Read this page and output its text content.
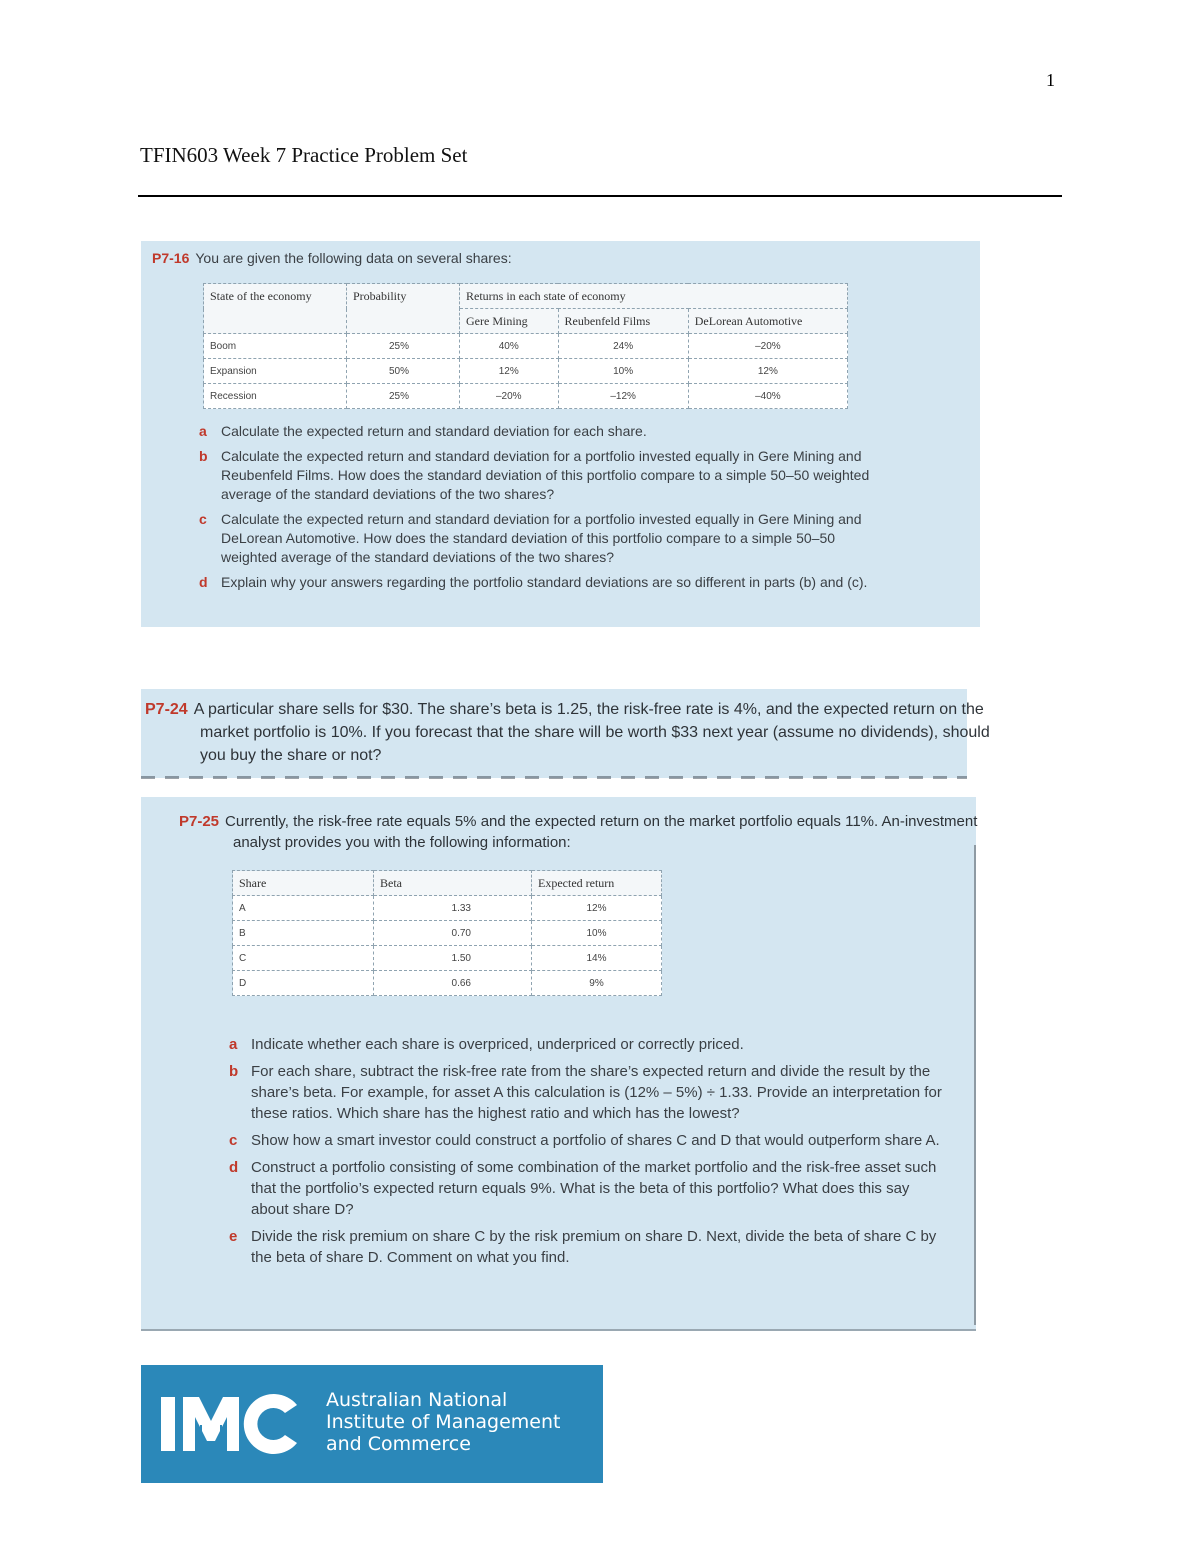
1
TFIN603 Week 7 Practice Problem Set
P7-16 You are given the following data on several shares:
State of the economy	Probability	Returns in each state of economy		
		Gere Mining	Reubenfeld Films	DeLorean Automotive
Boom	25%	40%	24%	–20%
Expansion	50%	12%	10%	12%
Recession	25%	–20%	–12%	–40%
a Calculate the expected return and standard deviation for each share.
b Calculate the expected return and standard deviation for a portfolio invested equally in Gere Mining and Reubenfeld Films. How does the standard deviation of this portfolio compare to a simple 50–50 weighted average of the standard deviations of the two shares?
c Calculate the expected return and standard deviation for a portfolio invested equally in Gere Mining and DeLorean Automotive. How does the standard deviation of this portfolio compare to a simple 50–50 weighted average of the standard deviations of the two shares?
d Explain why your answers regarding the portfolio standard deviations are so different in parts (b) and (c).
P7-24 A particular share sells for $30. The share’s beta is 1.25, the risk-free rate is 4%, and the expected return on the market portfolio is 10%. If you forecast that the share will be worth $33 next year (assume no dividends), should you buy the share or not?
P7-25 Currently, the risk-free rate equals 5% and the expected return on the market portfolio equals 11%. An-investment analyst provides you with the following information:
Share	Beta	Expected return
A	1.33	12%
B	0.70	10%
C	1.50	14%
D	0.66	9%
a Indicate whether each share is overpriced, underpriced or correctly priced.
b For each share, subtract the risk-free rate from the share’s expected return and divide the result by the share’s beta. For example, for asset A this calculation is (12% – 5%) ÷ 1.33. Provide an interpretation for these ratios. Which share has the highest ratio and which has the lowest?
c Show how a smart investor could construct a portfolio of shares C and D that would outperform share A.
d Construct a portfolio consisting of some combination of the market portfolio and the risk-free asset such that the portfolio’s expected return equals 9%. What is the beta of this portfolio? What does this say about share D?
e Divide the risk premium on share C by the risk premium on share D. Next, divide the beta of share C by the beta of share D. Comment on what you find.
Australian National
Institute of Management
and Commerce
